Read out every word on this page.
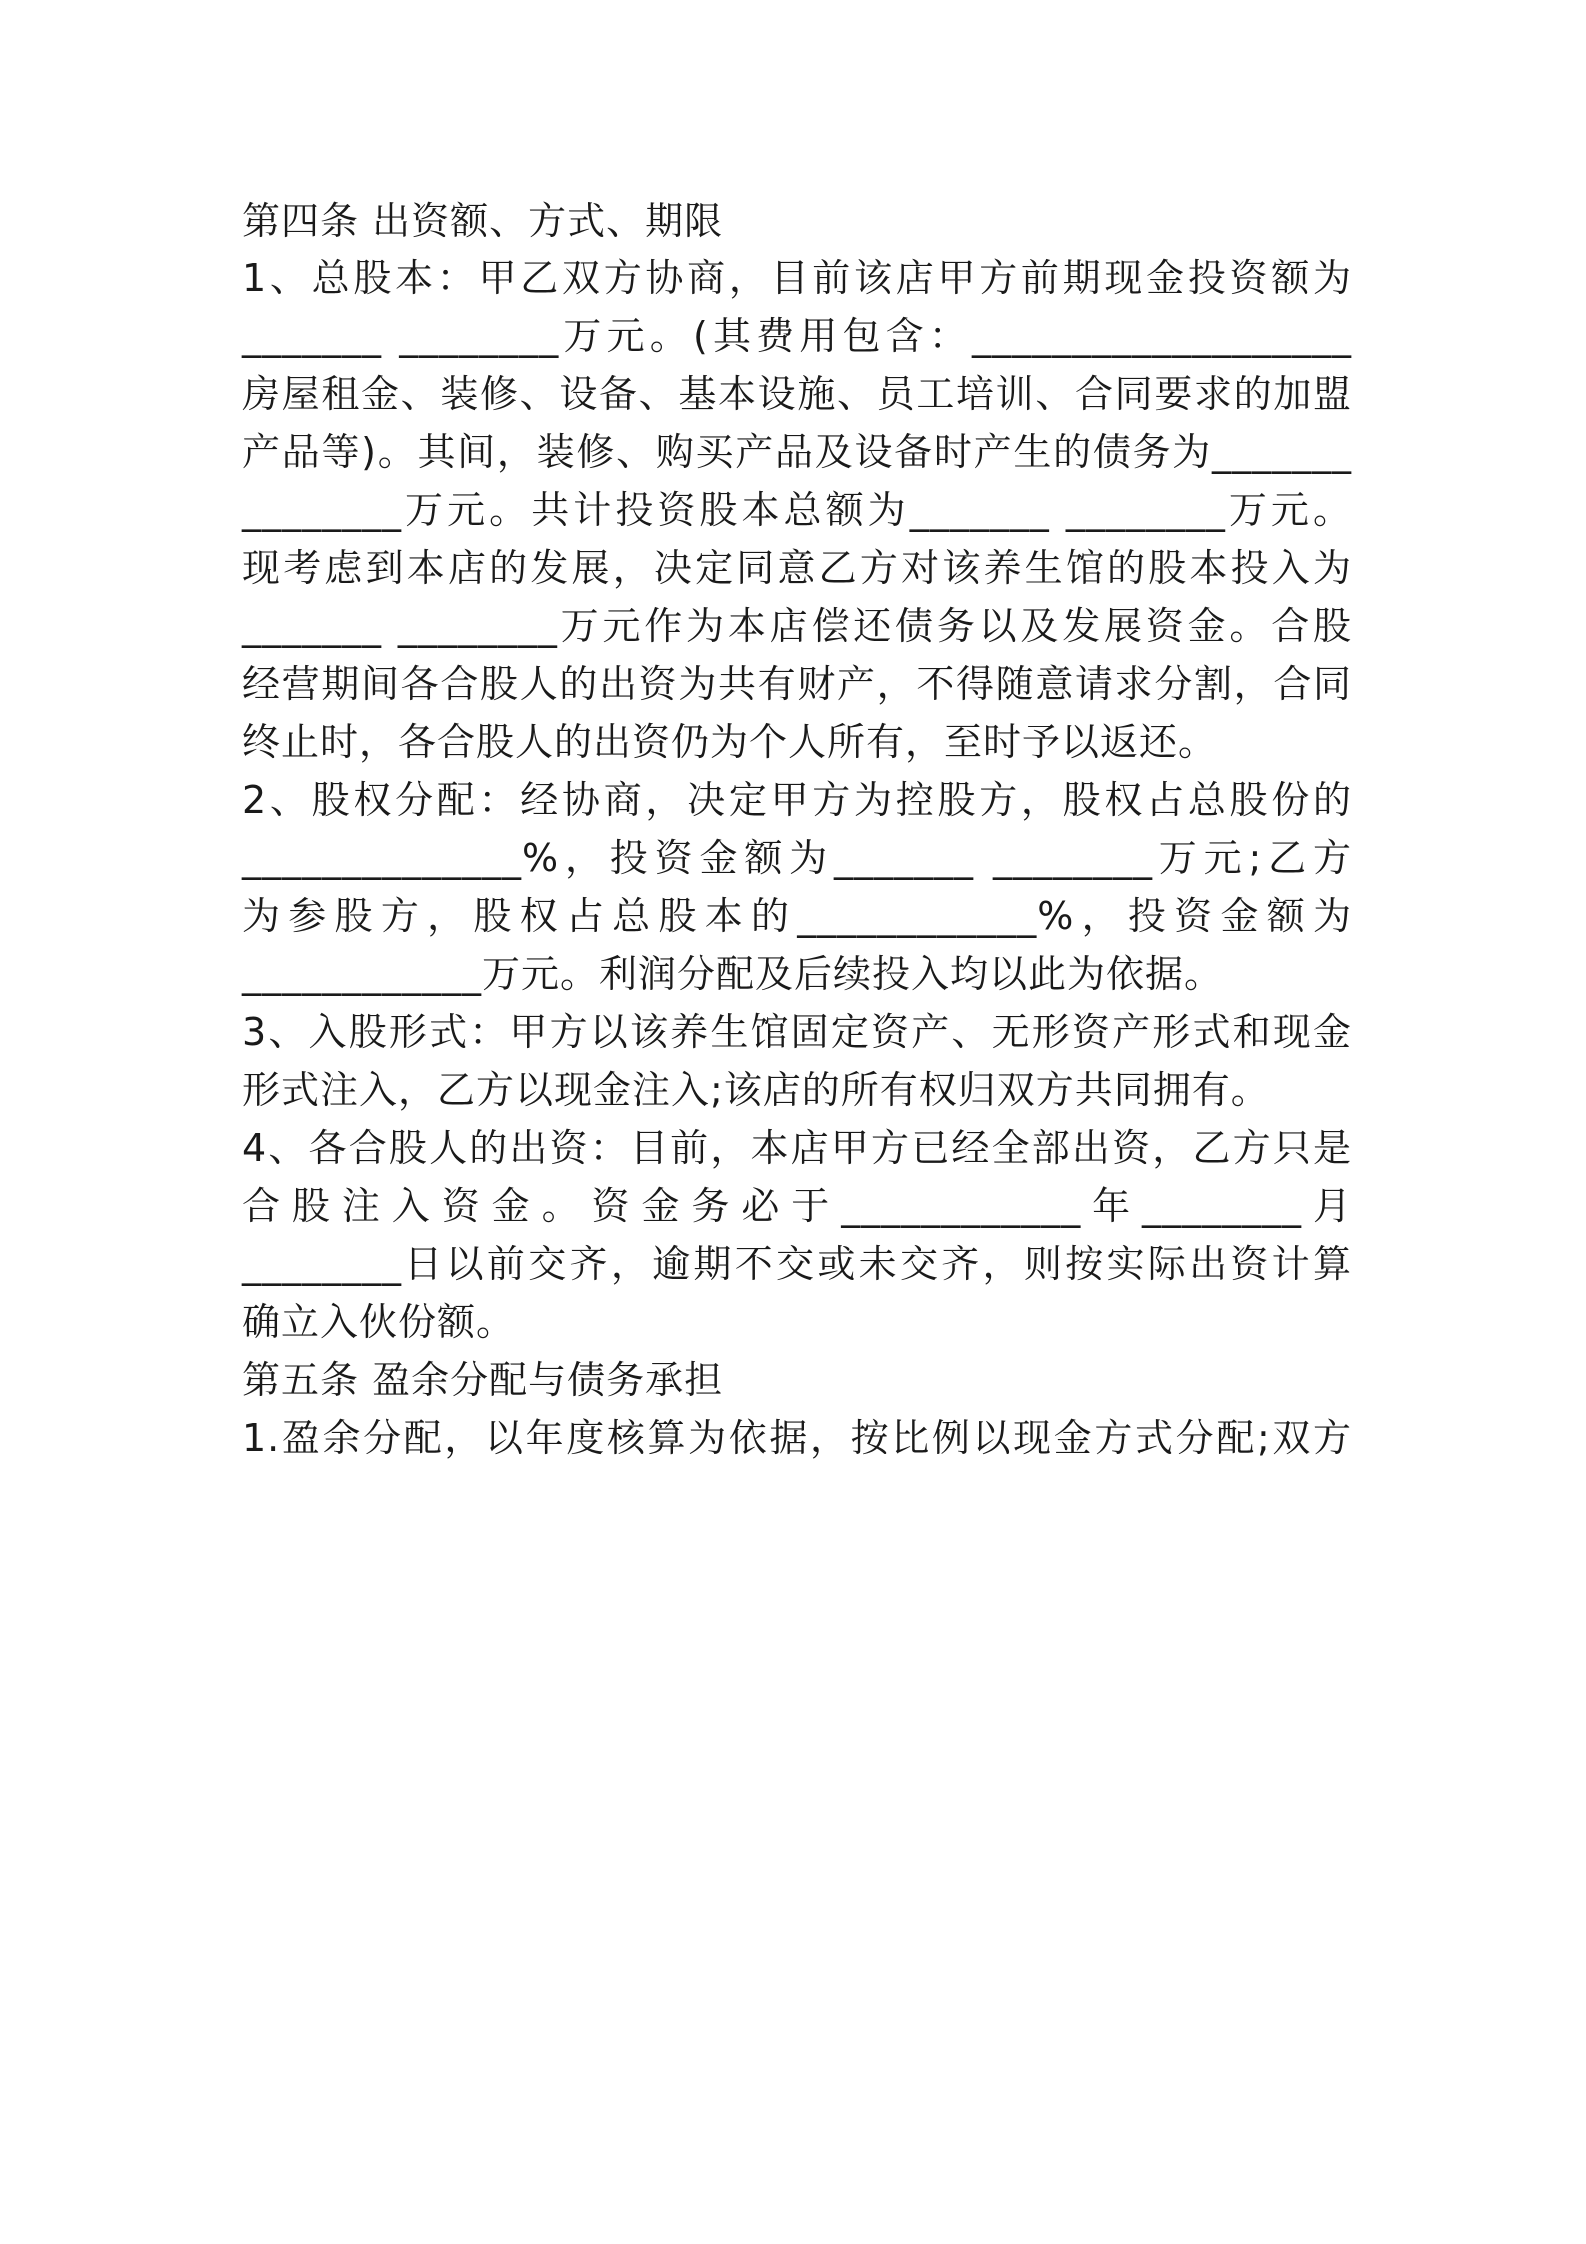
第四条 出资额、方式、期限
1、总股本：甲乙双方协商，目前该店甲方前期现金投资额为
_______ ________万元。(其费用包含：___________________
房屋租金、装修、设备、基本设施、员工培训、合同要求的加盟
产品等)。其间，装修、购买产品及设备时产生的债务为_______
________万元。共计投资股本总额为_______ ________万元。
现考虑到本店的发展，决定同意乙方对该养生馆的股本投入为
_______ ________万元作为本店偿还债务以及发展资金。合股
经营期间各合股人的出资为共有财产，不得随意请求分割，合同
终止时，各合股人的出资仍为个人所有，至时予以返还。
2、股权分配：经协商，决定甲方为控股方，股权占总股份的
______________%，投资金额为_______ ________万元;乙方
为参股方，股权占总股本的____________%，投资金额为
____________万元。利润分配及后续投入均以此为依据。
3、入股形式：甲方以该养生馆固定资产、无形资产形式和现金
形式注入，乙方以现金注入;该店的所有权归双方共同拥有。
4、各合股人的出资：目前，本店甲方已经全部出资，乙方只是
合股注入资金。资金务必于____________年________月
________日以前交齐，逾期不交或未交齐，则按实际出资计算
确立入伙份额。
第五条 盈余分配与债务承担
1.盈余分配，以年度核算为依据，按比例以现金方式分配;双方
